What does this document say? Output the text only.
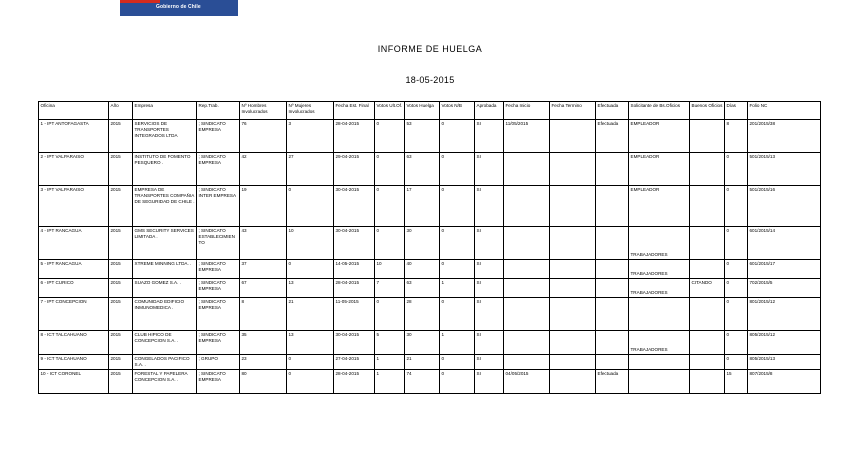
Gobierno de Chile
INFORME DE HUELGA
18-05-2015
Oficina	Año	Empresa	Rep.Trab.	Nº Hombres Involucrados	Nº Mujeres Involucrados	Fecha Est. Final	Votos Ult.Of.	Votos Huelga	Votos N/B	Aprobada	Fecha Inicio	Fecha Termino	Efectuada	Solicitante de Bs.Oficios	Buenos Oficios	Días	Folio NC
1 - IPT ANTOFAGASTA	2015	SERVICIOS DE TRANSPORTES INTEGRADOS LTDA	; SINDICATO EMPRESA	76	3	28-04-2015	0	53	0	SI	11/05/2015		Efectuada	EMPLEADOR		8	201/2015/38
2 - IPT VALPARAISO	2015	INSTITUTO DE FOMENTO PESQUERO .	; SINDICATO EMPRESA	42	27	29-04-2015	0	63	0	SI				EMPLEADOR		0	501/2015/13
3 - IPT VALPARAISO	2015	EMPRESA DE TRANSPORTES COMPAÑIA DE SEGURIDAD DE CHILE .	; SINDICATO INTER EMPRESA	19	0	30-04-2015	0	17	0	SI				EMPLEADOR		0	501/2015/16
4 - IPT RANCAGUA	2015	GMS SECURITY SERVICES LIMITADA .	; SINDICATO ESTABLECIMIENTO	43	10	30-04-2015	0	30	0	SI				TRABAJADORES		0	601/2015/14
5 - IPT RANCAGUA	2015	XTREME MINNING LTDA. .	; SINDICATO EMPRESA	37	0	14-05-2015	10	40	0	SI				TRABAJADORES		0	601/2015/17
6 - IPT CURICO	2015	SUAZO GOMEZ S.A. .	; SINDICATO EMPRESA	67	13	28-04-2015	7	63	1	SI				TRABAJADORES	CITANDO	0	702/2015/5
7 - IPT CONCEPCION	2015	COMUNIDAD EDIFICIO INMUNOMEDICA .	; SINDICATO EMPRESA	8	21	11-05-2015	0	28	0	SI						0	801/2015/12
8 - ICT TALCAHUANO	2015	CLUB HIPICO DE CONCEPCION S.A. .	; SINDICATO EMPRESA	35	13	30-04-2015	5	30	1	SI				TRABAJADORES		0	805/2015/12
9 - ICT TALCAHUANO	2015	CONGELADOS PACIFICO S.A. .	; GRUPO	23	0	27-04-2015	1	21	0	SI						0	805/2015/13
10 - ICT CORONEL	2015	FORESTAL Y PAPELERA CONCEPCION S.A. .	; SINDICATO EMPRESA	80	0	28-04-2015	1	74	0	SI	04/05/2015		Efectuada			15	807/2015/8
